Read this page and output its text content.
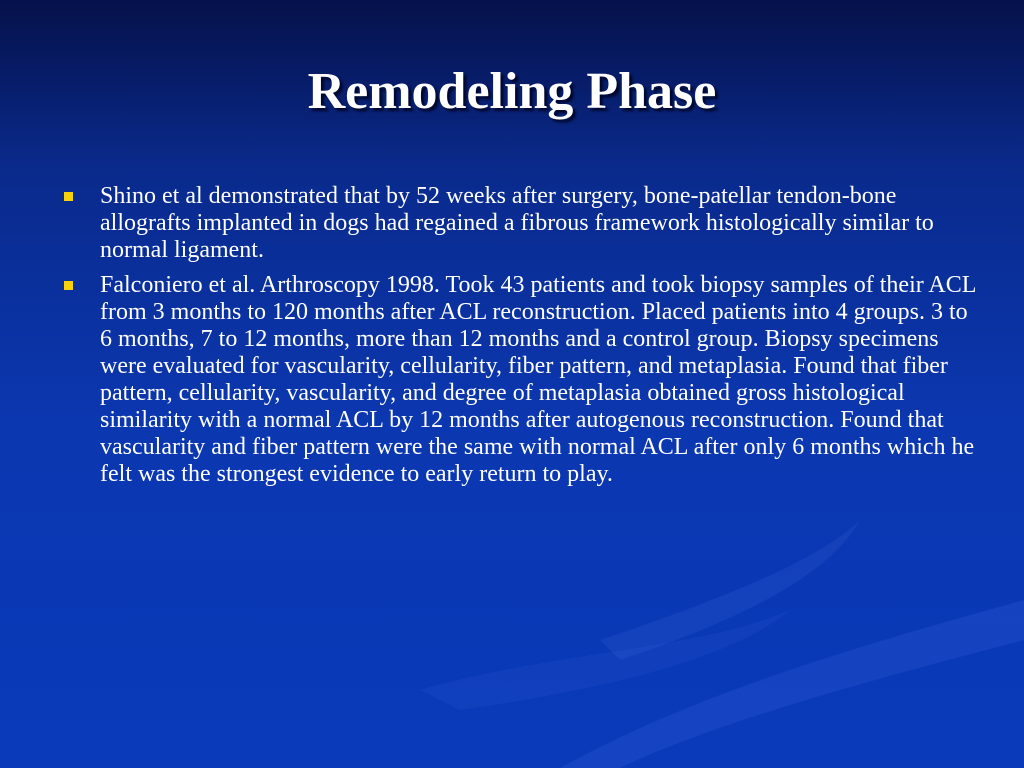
Remodeling Phase
Shino et al demonstrated that by 52 weeks after surgery, bone-patellar tendon-bone allografts implanted in dogs had regained a fibrous framework histologically similar to normal ligament.
Falconiero et al. Arthroscopy 1998. Took 43 patients and took biopsy samples of their ACL from 3 months to 120 months after ACL reconstruction. Placed patients into 4 groups. 3 to 6 months, 7 to 12 months, more than 12 months and a control group. Biopsy specimens were evaluated for vascularity, cellularity, fiber pattern, and metaplasia. Found that fiber pattern, cellularity, vascularity, and degree of metaplasia obtained gross histological similarity with a normal ACL by 12 months after autogenous reconstruction. Found that vascularity and fiber pattern were the same with normal ACL after only 6 months which he felt was the strongest evidence to early return to play.
